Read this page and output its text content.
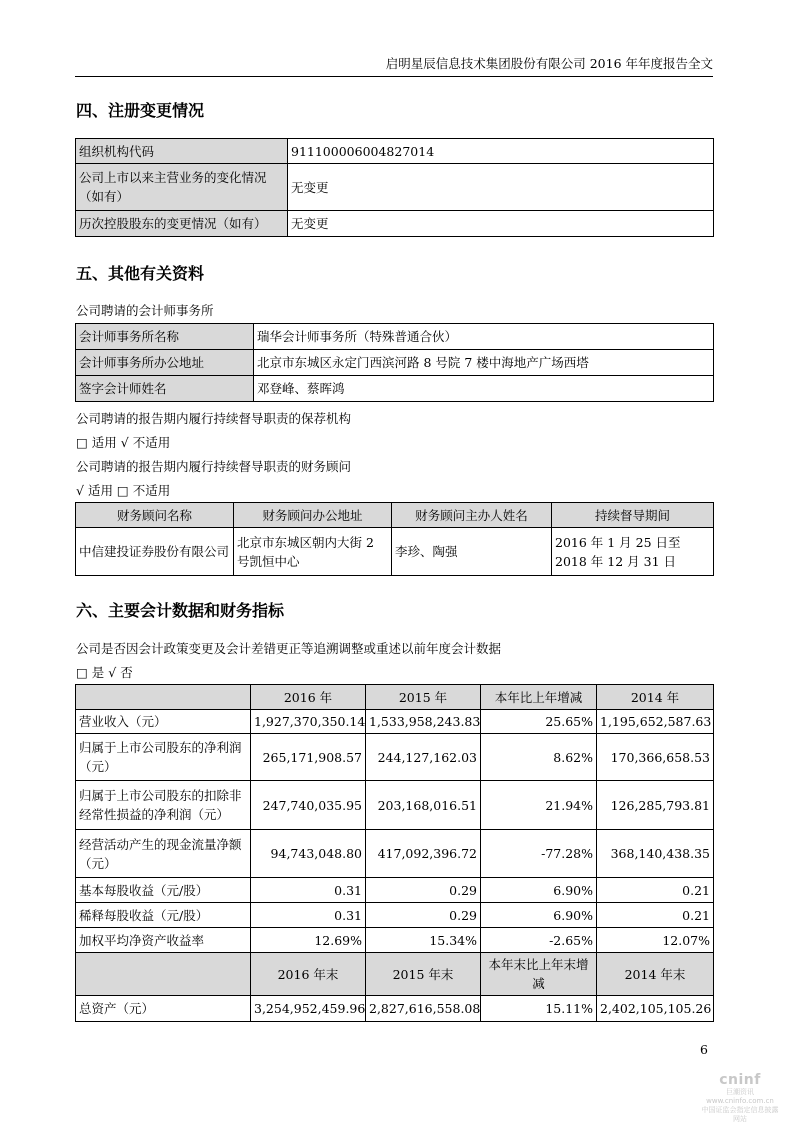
启明星辰信息技术集团股份有限公司 2016 年年度报告全文
四、注册变更情况
组织机构代码	911100006004827014
公司上市以来主营业务的变化情况（如有）	无变更
历次控股股东的变更情况（如有）	无变更
五、其他有关资料
公司聘请的会计师事务所
会计师事务所名称	瑞华会计师事务所（特殊普通合伙）
会计师事务所办公地址	北京市东城区永定门西滨河路 8 号院 7 楼中海地产广场西塔
签字会计师姓名	邓登峰、蔡晖鸿
公司聘请的报告期内履行持续督导职责的保荐机构
□ 适用 √ 不适用
公司聘请的报告期内履行持续督导职责的财务顾问
√ 适用 □ 不适用
财务顾问名称	财务顾问办公地址	财务顾问主办人姓名	持续督导期间
中信建投证券股份有限公司	北京市东城区朝内大街 2 号凯恒中心	李珍、陶强	2016 年 1 月 25 日至 2018 年 12 月 31 日
六、主要会计数据和财务指标
公司是否因会计政策变更及会计差错更正等追溯调整或重述以前年度会计数据
□ 是 √ 否
	2016 年	2015 年	本年比上年增减	2014 年
营业收入（元）	1,927,370,350.14	1,533,958,243.83	25.65%	1,195,652,587.63
归属于上市公司股东的净利润（元）	265,171,908.57	244,127,162.03	8.62%	170,366,658.53
归属于上市公司股东的扣除非经常性损益的净利润（元）	247,740,035.95	203,168,016.51	21.94%	126,285,793.81
经营活动产生的现金流量净额（元）	94,743,048.80	417,092,396.72	-77.28%	368,140,438.35
基本每股收益（元/股）	0.31	0.29	6.90%	0.21
稀释每股收益（元/股）	0.31	0.29	6.90%	0.21
加权平均净资产收益率	12.69%	15.34%	-2.65%	12.07%
	2016 年末	2015 年末	本年末比上年末增减	2014 年末
总资产（元）	3,254,952,459.96	2,827,616,558.08	15.11%	2,402,105,105.26
6
cninf
巨潮资讯
www.cninfo.com.cn
中国证监会指定信息披露网站
